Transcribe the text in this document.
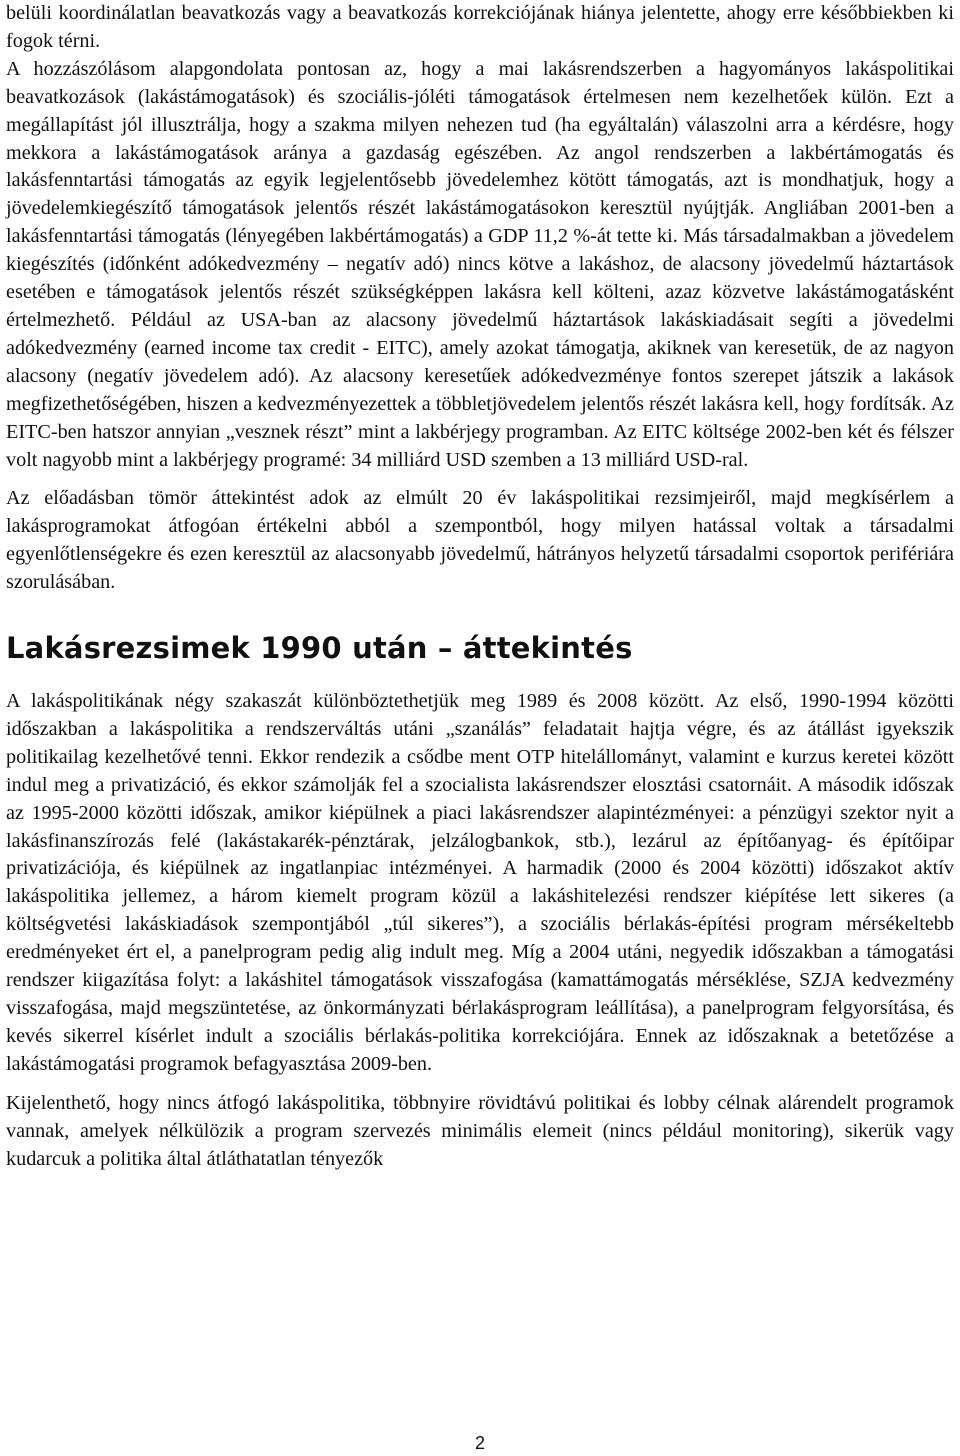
belüli koordinálatlan beavatkozás vagy a beavatkozás korrekciójának hiánya jelentette, ahogy erre későbbiekben ki fogok térni.

A hozzászólásom alapgondolata pontosan az, hogy a mai lakásrendszerben a hagyományos lakáspolitikai beavatkozások (lakástámogatások) és szociális-jóléti támogatások értelmesen nem kezelhetőek külön. Ezt a megállapítást jól illusztrálja, hogy a szakma milyen nehezen tud (ha egyáltalán) válaszolni arra a kérdésre, hogy mekkora a lakástámogatások aránya a gazdaság egészében. Az angol rendszerben a lakbértámogatás és lakásfenntartási támogatás az egyik legjelentősebb jövedelemhez kötött támogatás, azt is mondhatjuk, hogy a jövedelemkiegészítő támogatások jelentős részét lakástámogatásokon keresztül nyújtják. Angliában 2001-ben a lakásfenntartási támogatás (lényegében lakbértámogatás) a GDP 11,2 %-át tette ki. Más társadalmakban a jövedelem kiegészítés (időnként adókedvezmény – negatív adó) nincs kötve a lakáshoz, de alacsony jövedelmű háztartások esetében e támogatások jelentős részét szükségképpen lakásra kell költeni, azaz közvetve lakástámogatásként értelmezhető. Például az USA-ban az alacsony jövedelmű háztartások lakáskiadásait segíti a jövedelmi adókedvezmény (earned income tax credit - EITC), amely azokat támogatja, akiknek van keresetük, de az nagyon alacsony (negatív jövedelem adó). Az alacsony keresetűek adókedvezménye fontos szerepet játszik a lakások megfizethetőségében, hiszen a kedvezményezettek a többletjövedelem jelentős részét lakásra kell, hogy fordítsák. Az EITC-ben hatszor annyian „vesznek részt” mint a lakbérjegy programban. Az EITC költsége 2002-ben két és félszer volt nagyobb mint a lakbérjegy programé: 34 milliárd USD szemben a 13 milliárd USD-ral.

Az előadásban tömör áttekintést adok az elmúlt 20 év lakáspolitikai rezsimjeiről, majd megkísérlem a lakásprogramokat átfogóan értékelni abból a szempontból, hogy milyen hatással voltak a társadalmi egyenlőtlenségekre és ezen keresztül az alacsonyabb jövedelmű, hátrányos helyzetű társadalmi csoportok perifériára szorulásában.

Lakásrezsimek 1990 után – áttekintés

A lakáspolitikának négy szakaszát különböztethetjük meg 1989 és 2008 között. Az első, 1990-1994 közötti időszakban a lakáspolitika a rendszerváltás utáni „szanálás” feladatait hajtja végre, és az átállást igyekszik politikailag kezelhetővé tenni. Ekkor rendezik a csődbe ment OTP hitelállományt, valamint e kurzus keretei között indul meg a privatizáció, és ekkor számolják fel a szocialista lakásrendszer elosztási csatornáit. A második időszak az 1995-2000 közötti időszak, amikor kiépülnek a piaci lakásrendszer alapintézményei: a pénzügyi szektor nyit a lakásfinanszírozás felé (lakástakarék-pénztárak, jelzálogbankok, stb.), lezárul az építőanyag- és építőipar privatizációja, és kiépülnek az ingatlanpiac intézményei. A harmadik (2000 és 2004 közötti) időszakot aktív lakáspolitika jellemez, a három kiemelt program közül a lakáshitelezési rendszer kiépítése lett sikeres (a költségvetési lakáskiadások szempontjából „túl sikeres”), a szociális bérlakás-építési program mérsékeltebb eredményeket ért el, a panelprogram pedig alig indult meg. Míg a 2004 utáni, negyedik időszakban a támogatási rendszer kiigazítása folyt: a lakáshitel támogatások visszafogása (kamattámogatás mérséklése, SZJA kedvezmény visszafogása, majd megszüntetése, az önkormányzati bérlakásprogram leállítása), a panelprogram felgyorsítása, és kevés sikerrel kísérlet indult a szociális bérlakás-politika korrekciójára. Ennek az időszaknak a betetőzése a lakástámogatási programok befagyasztása 2009-ben.

Kijelenthető, hogy nincs átfogó lakáspolitika, többnyire rövidtávú politikai és lobby célnak alárendelt programok vannak, amelyek nélkülözik a program szervezés minimális elemeit (nincs például monitoring), sikerük vagy kudarcuk a politika által átláthatatlan tényezők

2
